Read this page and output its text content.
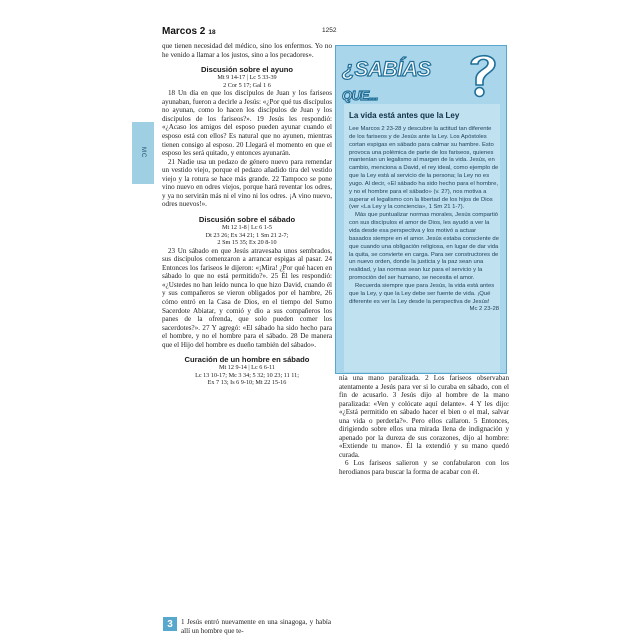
Marcos 2 18	1252
MC

que tienen necesidad del médico, sino los enfermos. Yo no he venido a llamar a los justos, sino a los pecadores».

Discusión sobre el ayuno
Mt 9 14-17 | Lc 5 33-39
2 Cor 5 17; Gal 1 6

18 Un día en que los discípulos de Juan y los fariseos ayunaban, fueron a decirle a Jesús: «¿Por qué tus discípulos no ayunan, como lo hacen los discípulos de Juan y los discípulos de los fariseos?». 19 Jesús les respondió: «¿Acaso los amigos del esposo pueden ayunar cuando el esposo está con ellos? Es natural que no ayunen, mientras tienen consigo al esposo. 20 Llegará el momento en que el esposo les será quitado, y entonces ayunarán.

21 Nadie usa un pedazo de género nuevo para remendar un vestido viejo, porque el pedazo añadido tira del vestido viejo y la rotura se hace más grande. 22 Tampoco se pone vino nuevo en odres viejos, porque hará reventar los odres, y ya no servirán más ni el vino ni los odres. ¡A vino nuevo, odres nuevos!».

Discusión sobre el sábado
Mt 12 1-8 | Lc 6 1-5
Dt 23 26; Ex 34 21; 1 Sm 21 2-7;
2 Sm 15 35; Ex 20 8-10

23 Un sábado en que Jesús atravesaba unos sembrados, sus discípulos comenzaron a arrancar espigas al pasar. 24 Entonces los fariseos le dijeron: «¡Mira! ¿Por qué hacen en sábado lo que no está permitido?». 25 Él les respondió: «¿Ustedes no han leído nunca lo que hizo David, cuando él y sus compañeros se vieron obligados por el hambre, 26 cómo entró en la Casa de Dios, en el tiempo del Sumo Sacerdote Abiatar, y comió y dio a sus compañeros los panes de la ofrenda, que solo pueden comer los sacerdotes?». 27 Y agregó: «El sábado ha sido hecho para el hombre, y no el hombre para el sábado. 28 De manera que el Hijo del hombre es dueño también del sábado».

Curación de un hombre en sábado
Mt 12 9-14 | Lc 6 6-11
Lc 13 10-17; Mc 3 34; 5 32; 10 23; 11 11;
Ex 7 13; Is 6 9-10; Mt 22 15-16
3	1 Jesús entró nuevamente en una sinagoga, y había allí un hombre que te-
¿SABÍAS QUE...
La vida está antes que la Ley

Lee Marcos 2 23-28 y descubre la actitud tan diferente de los fariseos y de Jesús ante la Ley. Los Apóstoles cortan espigas en sábado para calmar su hambre. Esto provoca una polémica de parte de los fariseos, quienes mantenían un legalismo al margen de la vida. Jesús, en cambio, menciona a David, el rey ideal, como ejemplo de que la Ley está al servicio de la persona; la Ley no es yugo. Al decir, «El sábado ha sido hecho para el hombre, y no el hombre para el sábado» (v. 27), nos motiva a superar el legalismo con la libertad de los hijos de Dios (ver «La Ley y la conciencia», 1 Sm 21 1-7).

Más que puntualizar normas morales, Jesús compartió con sus discípulos el amor de Dios, les ayudó a ver la vida desde esa perspectiva y los motivó a actuar basados siempre en el amor. Jesús estaba consciente de que cuando una obligación religiosa, en lugar de dar vida la quita, se convierte en carga. Para ser constructores de un nuevo orden, donde la justicia y la paz sean una realidad, y las normas sean luz para el servicio y la promoción del ser humano, se necesita el amor.

Recuerda siempre que para Jesús, la vida está antes que la Ley, y que la Ley debe ser fuente de vida. ¡Qué diferente es ver la Ley desde la perspectiva de Jesús!

Mc 2 23-28

nía una mano paralizada. 2 Los fariseos observaban atentamente a Jesús para ver si lo curaba en sábado, con el fin de acusarlo. 3 Jesús dijo al hombre de la mano paralizada: «Ven y colócate aquí delante». 4 Y les dijo: «¿Está permitido en sábado hacer el bien o el mal, salvar una vida o perderla?». Pero ellos callaron. 5 Entonces, dirigiendo sobre ellos una mirada llena de indignación y apenado por la dureza de sus corazones, dijo al hombre: «Extiende tu mano». Él la extendió y su mano quedó curada.

6 Los fariseos salieron y se confabularon con los herodianos para buscar la forma de acabar con él.
